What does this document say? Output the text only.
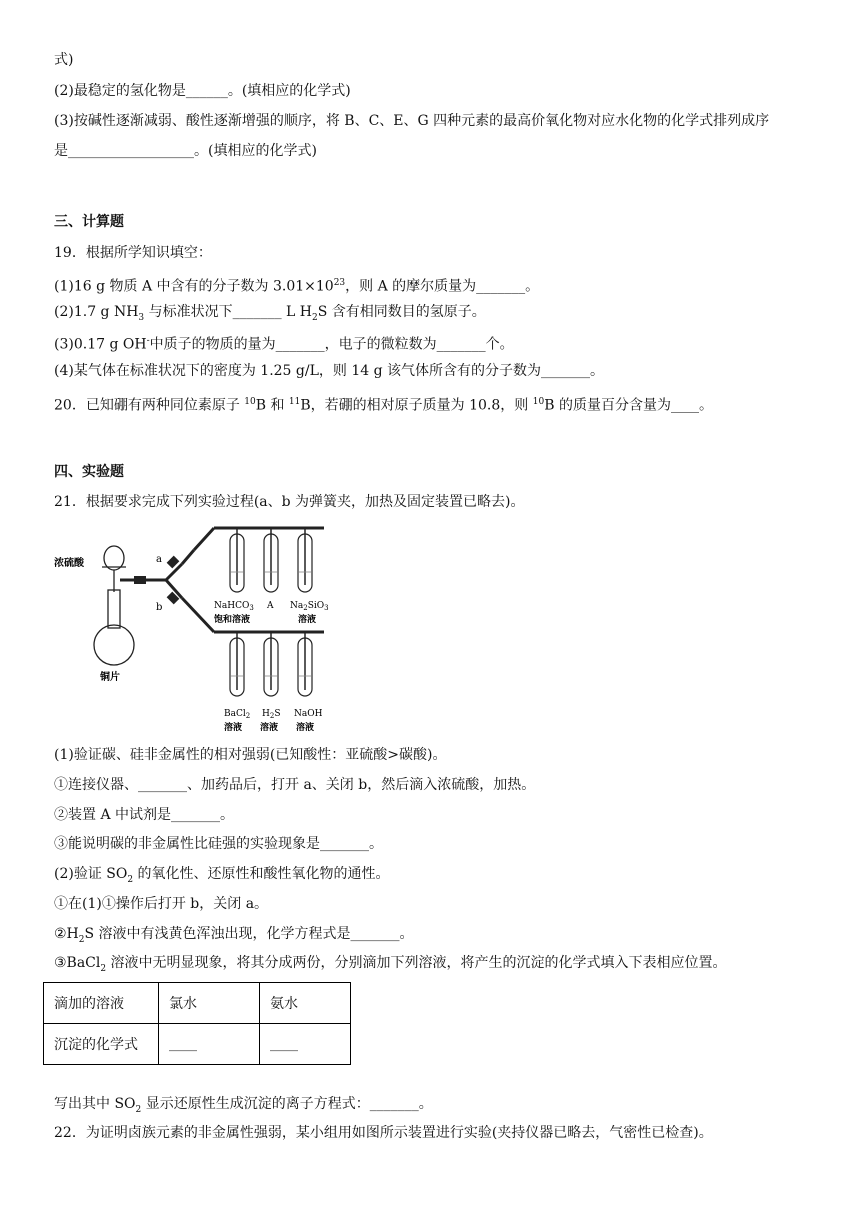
式)
(2)最稳定的氢化物是______。(填相应的化学式)
(3)按碱性逐渐减弱、酸性逐渐增强的顺序，将 B、C、E、G 四种元素的最高价氧化物对应水化物的化学式排列成序
是__________________。(填相应的化学式)
三、计算题
19．根据所学知识填空：
(1)16 g 物质 A 中含有的分子数为 $3.01\times 10^{23}$，则 A 的摩尔质量为_______。
(2)1.7 g $NH_3$ 与标准状况下_______ L $H_2S$ 含有相同数目的氢原子。
(3)0.17 g OH-中质子的物质的量为_______，电子的微粒数为_______个。
(4)某气体在标准状况下的密度为 1.25 g/L，则 14 g 该气体所含有的分子数为_______。
20．已知硼有两种同位素原子 $^{10}$B 和 $^{11}$B，若硼的相对原子质量为 10.8，则 $^{10}$B 的质量百分含量为____。
四、实验题
21．根据要求完成下列实验过程(a、b 为弹簧夹，加热及固定装置已略去)。
浓硫酸	a
b
铜片
NaHCO$_3$
饱和溶液
A $Na_2SiO_3$
溶液
BaCl$_2$
溶液
$H_2S$
溶液
NaOH
溶液
(1)验证碳、硅非金属性的相对强弱(已知酸性：亚硫酸>碳酸)。
①连接仪器、_______、加药品后，打开 a、关闭 b，然后滴入浓硫酸，加热。
②装置 A 中试剂是_______。
③能说明碳的非金属性比硅强的实验现象是_______。
(2)验证 $SO_2$ 的氧化性、还原性和酸性氧化物的通性。
①在(1)①操作后打开 b，关闭 a。
$②H_2S$ 溶液中有浅黄色浑浊出现，化学方程式是_______。
③BaCl$_2$ 溶液中无明显现象，将其分成两份，分别滴加下列溶液，将产生的沉淀的化学式填入下表相应位置。
滴加的溶液	氯水	氨水
沉淀的化学式	____	____
写出其中 $SO_2$ 显示还原性生成沉淀的离子方程式：_______。
22．为证明卤族元素的非金属性强弱，某小组用如图所示装置进行实验(夹持仪器已略去，气密性已检查)。
